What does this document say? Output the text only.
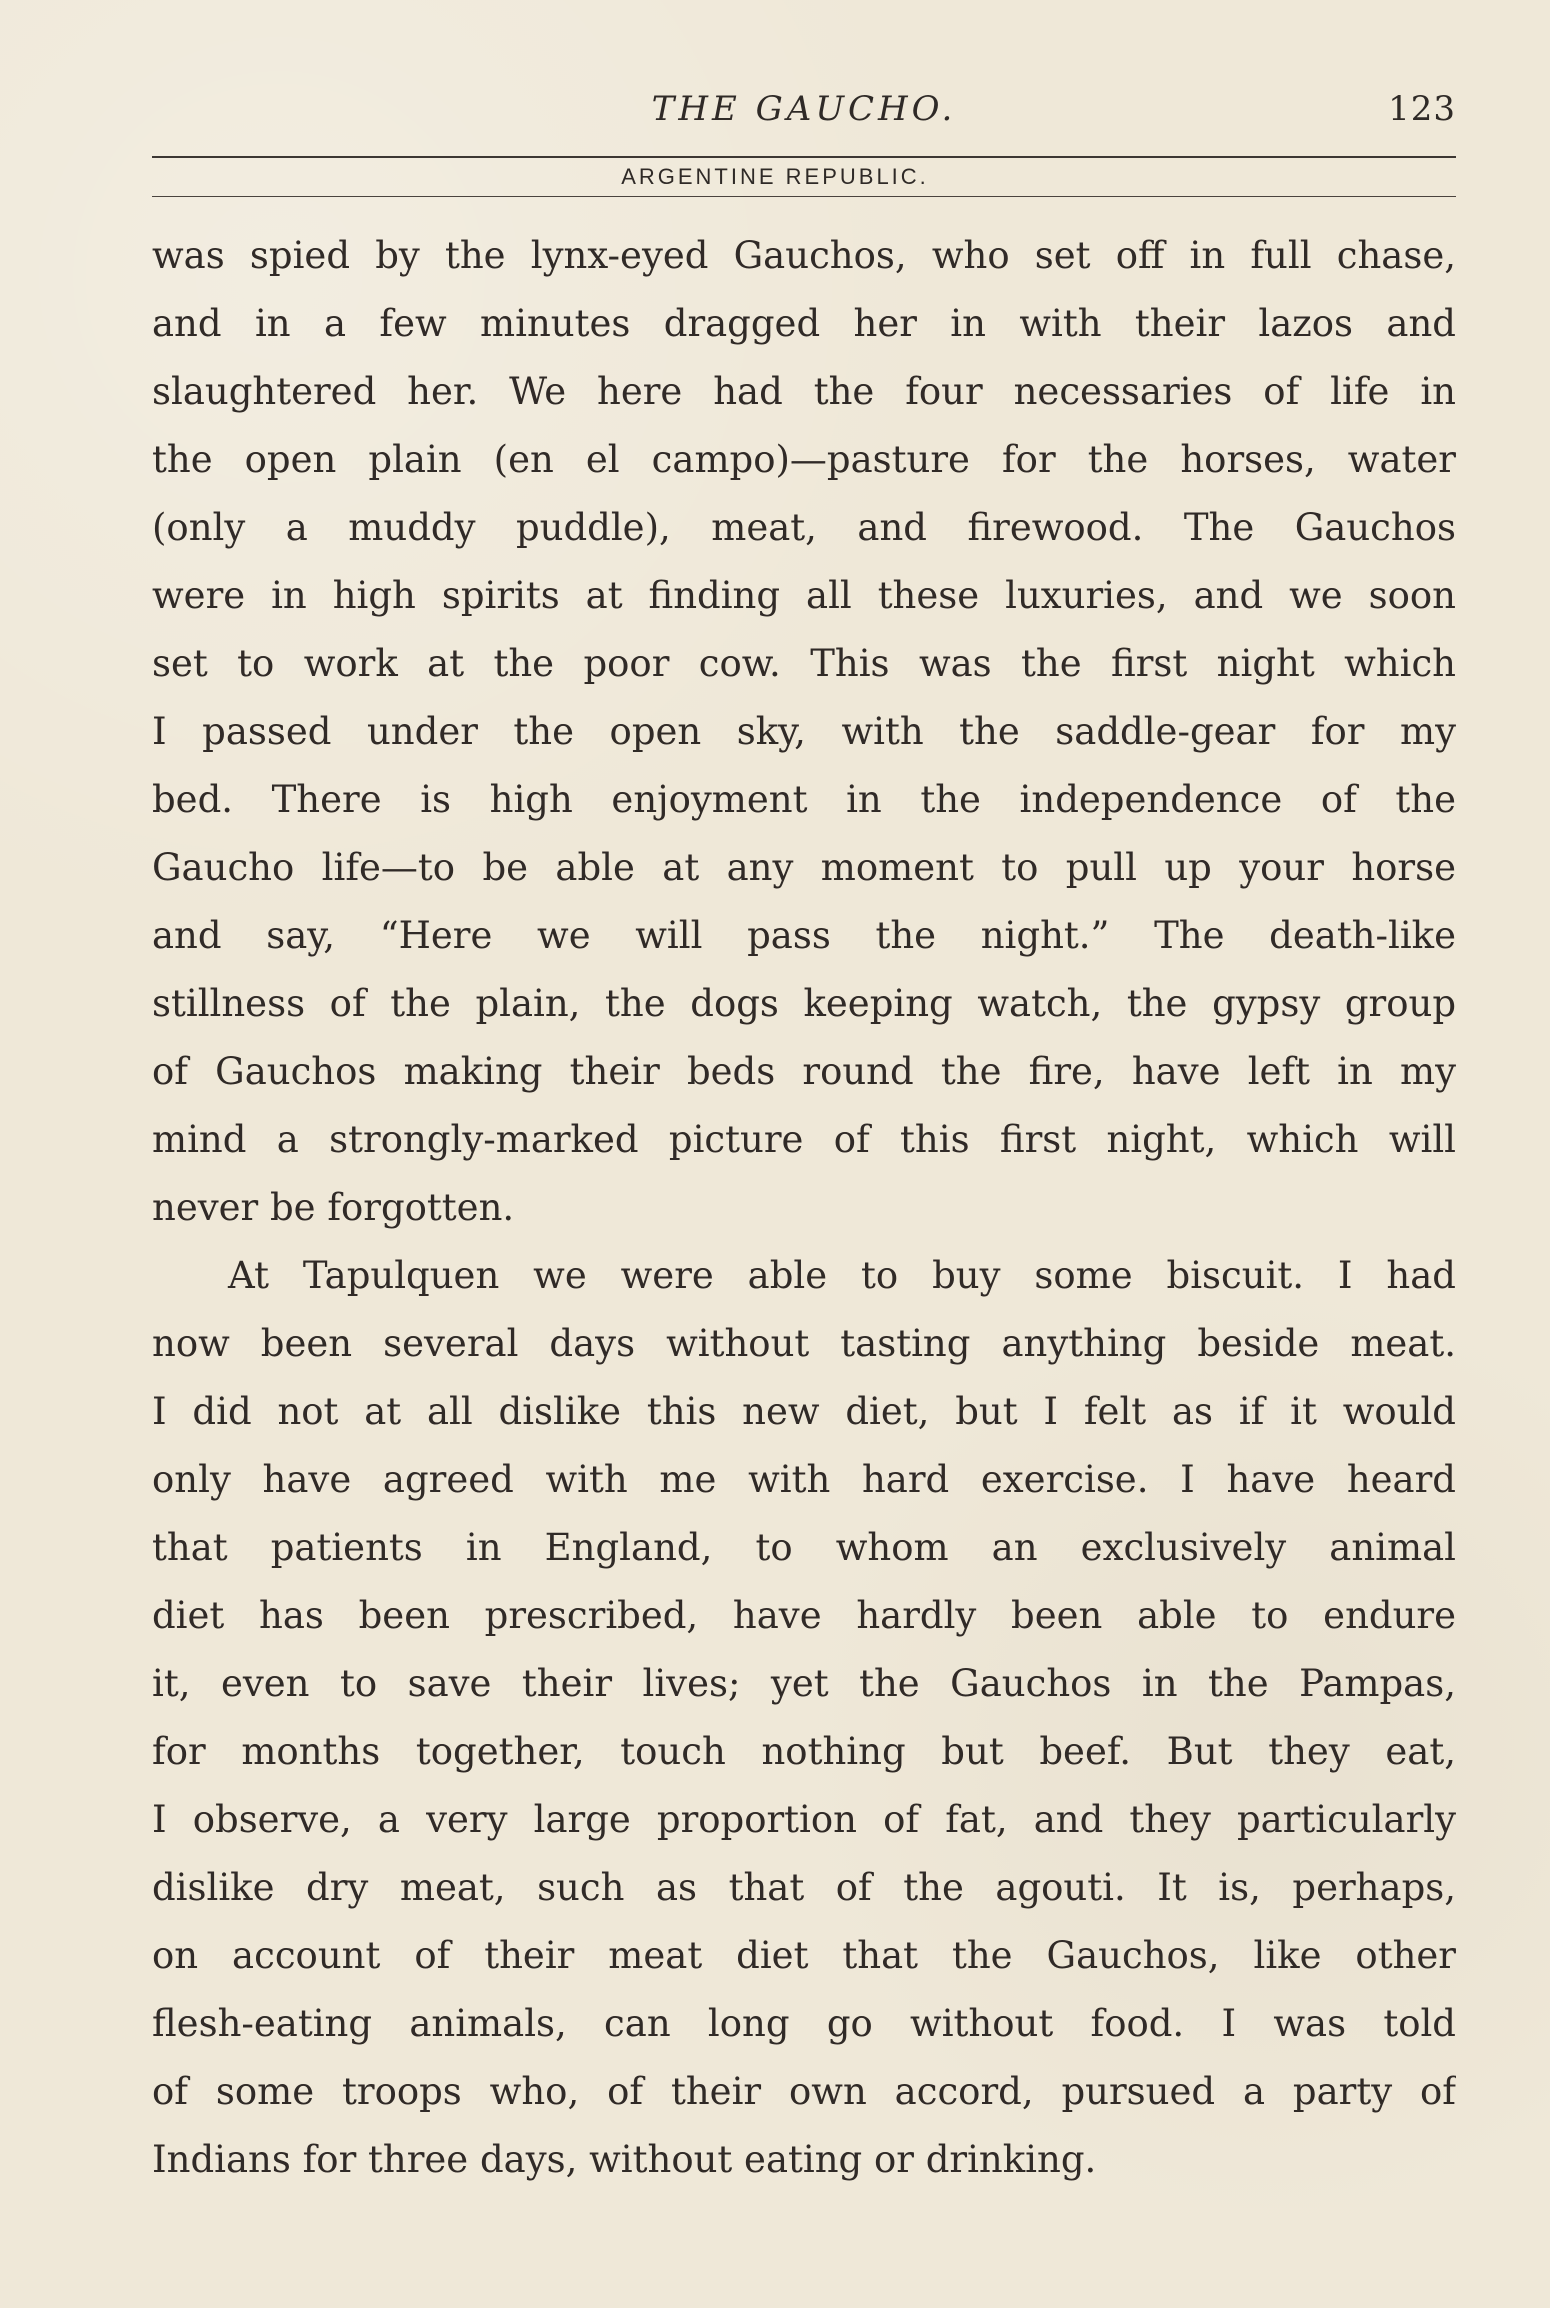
THE GAUCHO.	123
ARGENTINE REPUBLIC.
was spied by the lynx-eyed Gauchos, who set off in full chase,
and in a few minutes dragged her in with their lazos and
slaughtered her. We here had the four necessaries of life in
the open plain (en el campo)—pasture for the horses, water
(only a muddy puddle), meat, and firewood. The Gauchos
were in high spirits at finding all these luxuries, and we soon
set to work at the poor cow. This was the first night which
I passed under the open sky, with the saddle-gear for my
bed. There is high enjoyment in the independence of the
Gaucho life—to be able at any moment to pull up your horse
and say, “Here we will pass the night.” The death-like
stillness of the plain, the dogs keeping watch, the gypsy group
of Gauchos making their beds round the fire, have left in my
mind a strongly-marked picture of this first night, which will
never be forgotten.
At Tapulquen we were able to buy some biscuit. I had
now been several days without tasting anything beside meat.
I did not at all dislike this new diet, but I felt as if it would
only have agreed with me with hard exercise. I have heard
that patients in England, to whom an exclusively animal
diet has been prescribed, have hardly been able to endure
it, even to save their lives; yet the Gauchos in the Pampas,
for months together, touch nothing but beef. But they eat,
I observe, a very large proportion of fat, and they particularly
dislike dry meat, such as that of the agouti. It is, perhaps,
on account of their meat diet that the Gauchos, like other
flesh-eating animals, can long go without food. I was told
of some troops who, of their own accord, pursued a party of
Indians for three days, without eating or drinking.
